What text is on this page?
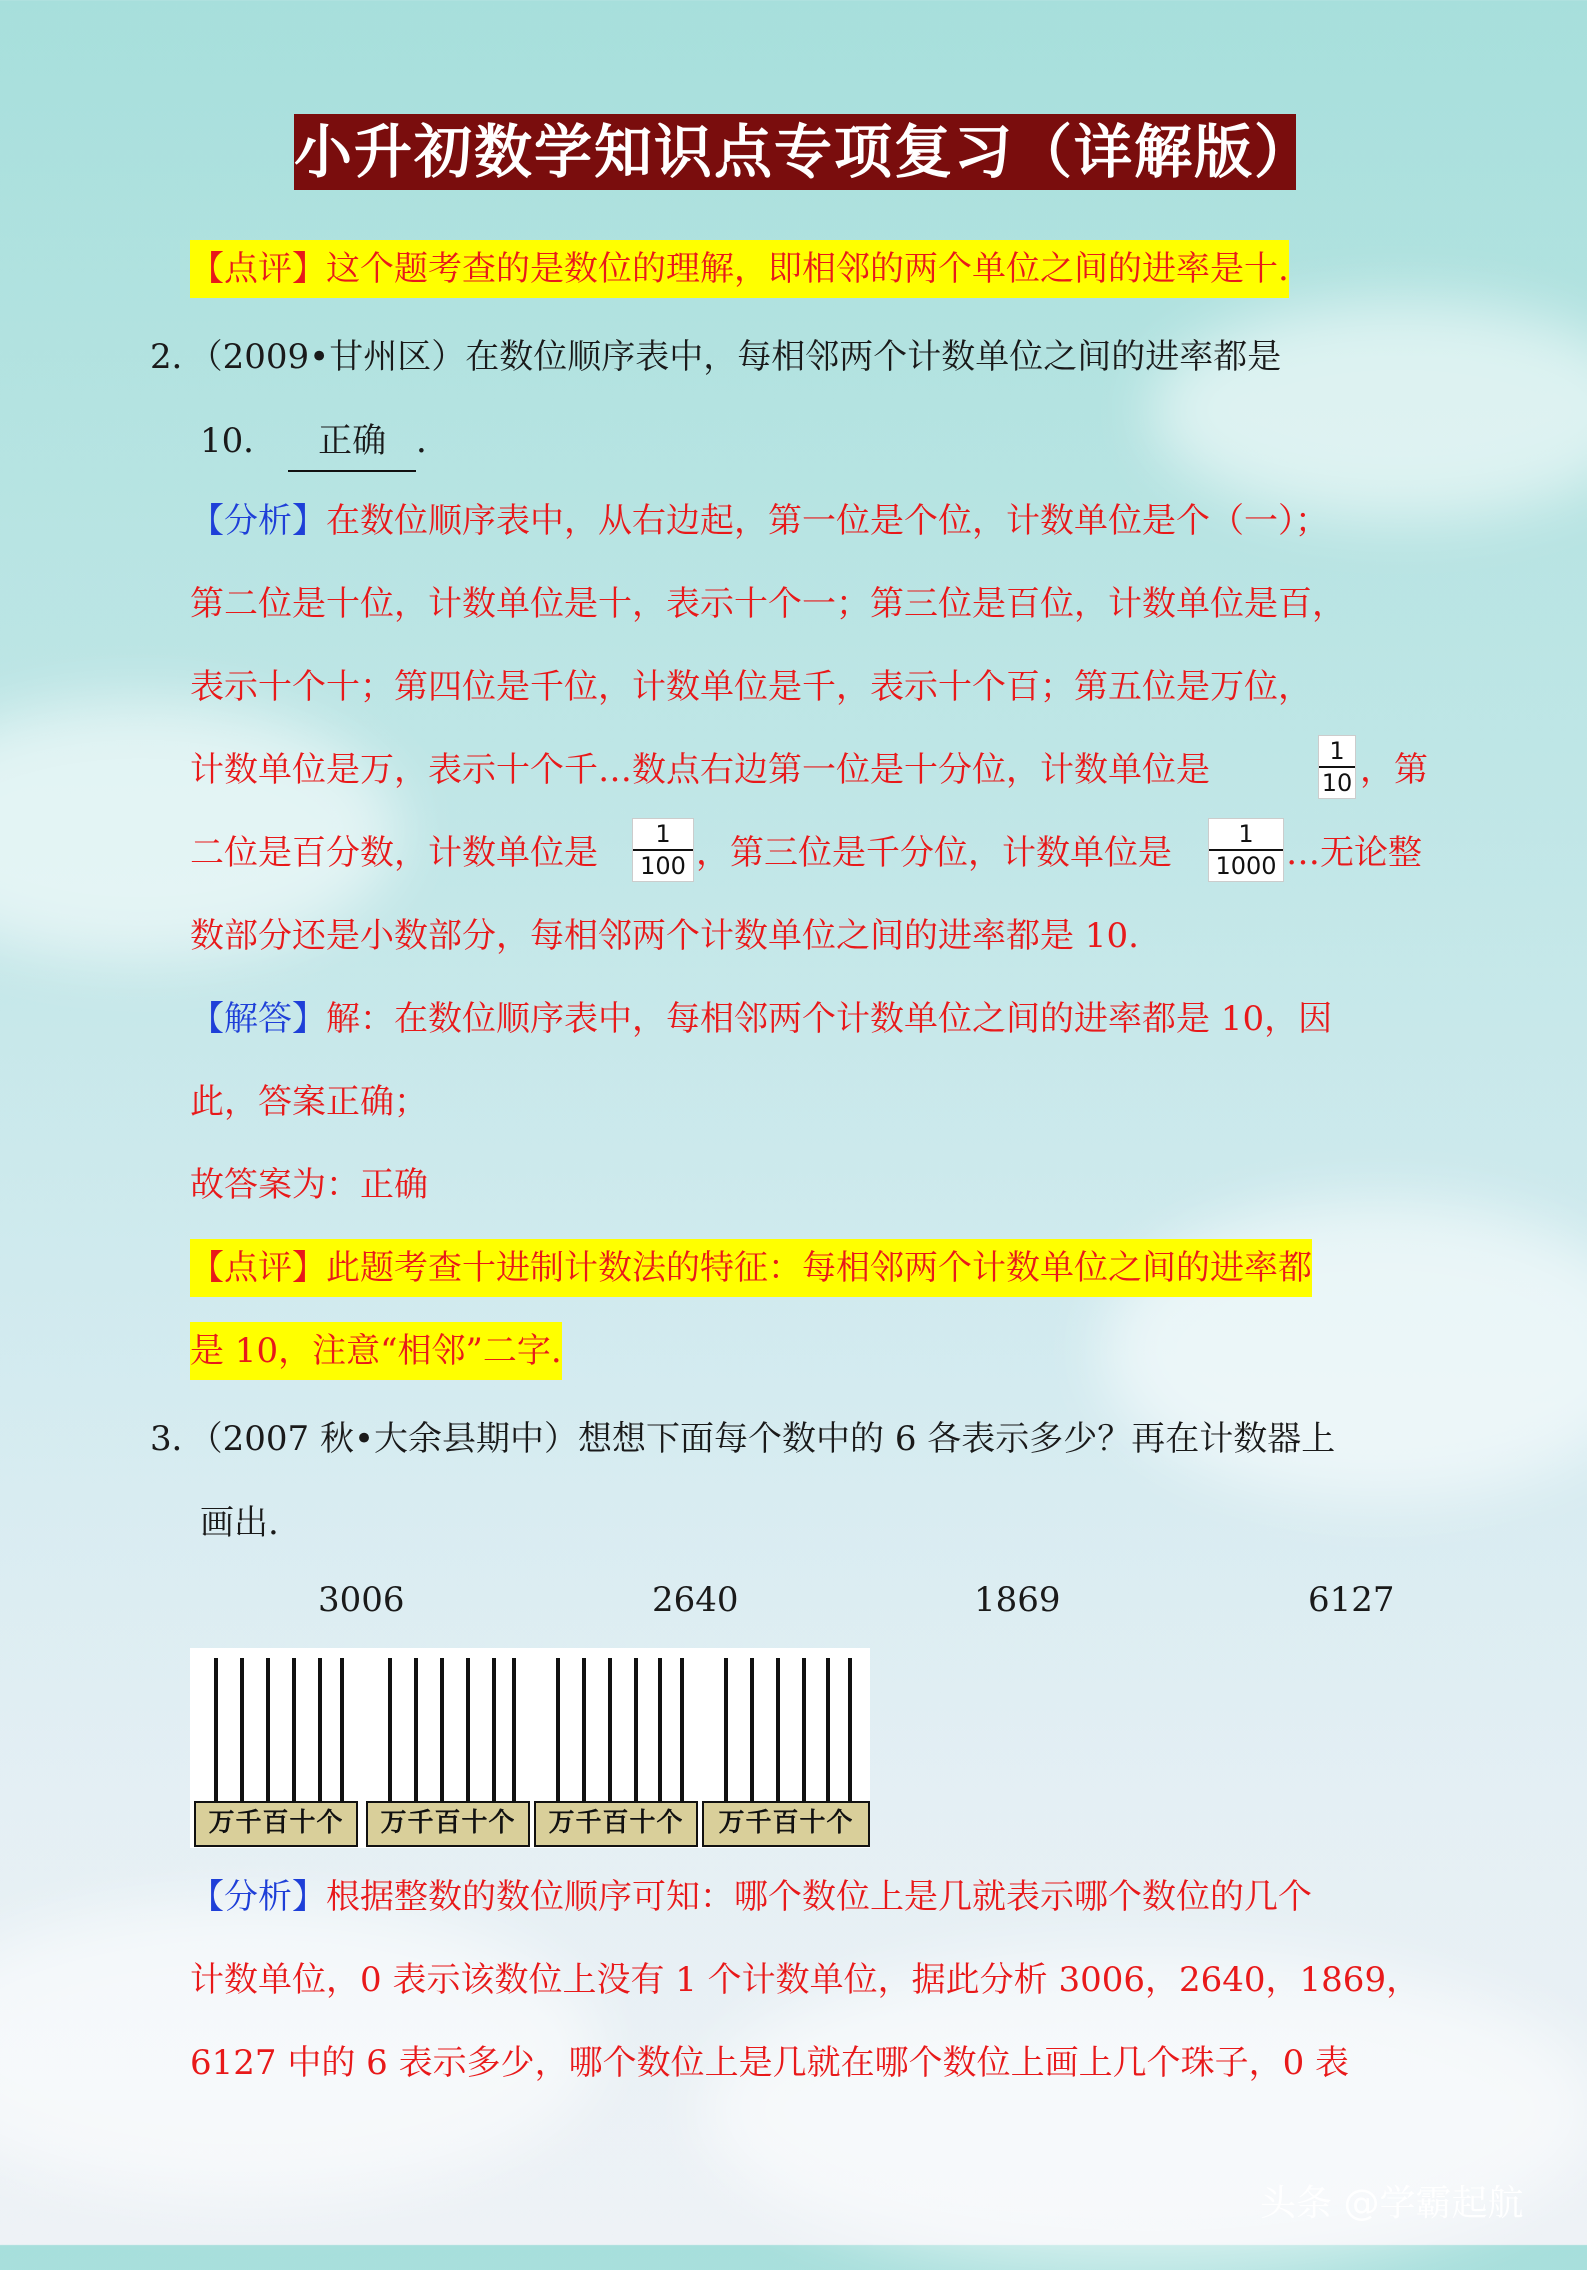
小升初数学知识点专项复习（详解版）
【点评】这个题考查的是数位的理解，即相邻的两个单位之间的进率是十.
2．（2009•甘州区）在数位顺序表中，每相邻两个计数单位之间的进率都是
10． 正确 ．
【分析】在数位顺序表中，从右边起，第一位是个位，计数单位是个（一）；
第二位是十位，计数单位是十，表示十个一；第三位是百位，计数单位是百，
表示十个十；第四位是千位，计数单位是千，表示十个百；第五位是万位，
计数单位是万，表示十个千…数点右边第一位是十分位，计数单位是	$\frac{1}{10}$ ，第
二位是百分数，计数单位是 $\frac{1}{100}$ ，第三位是千分位，计数单位是 $\frac{1}{1000}$ …无论整
数部分还是小数部分，每相邻两个计数单位之间的进率都是 10.
【解答】解：在数位顺序表中，每相邻两个计数单位之间的进率都是 10，因
此，答案正确；
故答案为：正确
【点评】此题考查十进制计数法的特征：每相邻两个计数单位之间的进率都
是 10，注意“相邻”二字.
3．（2007 秋•大余县期中）想想下面每个数中的 6 各表示多少？再在计数器上
画出.
3006	2640	1869	6127
万千百十个	万千百十个	万千百十个	万千百十个
【分析】根据整数的数位顺序可知：哪个数位上是几就表示哪个数位的几个
计数单位，0 表示该数位上没有 1 个计数单位，据此分析 3006，2640，1869，
6127 中的 6 表示多少，哪个数位上是几就在哪个数位上画上几个珠子，0 表
头条 @学霸起航
